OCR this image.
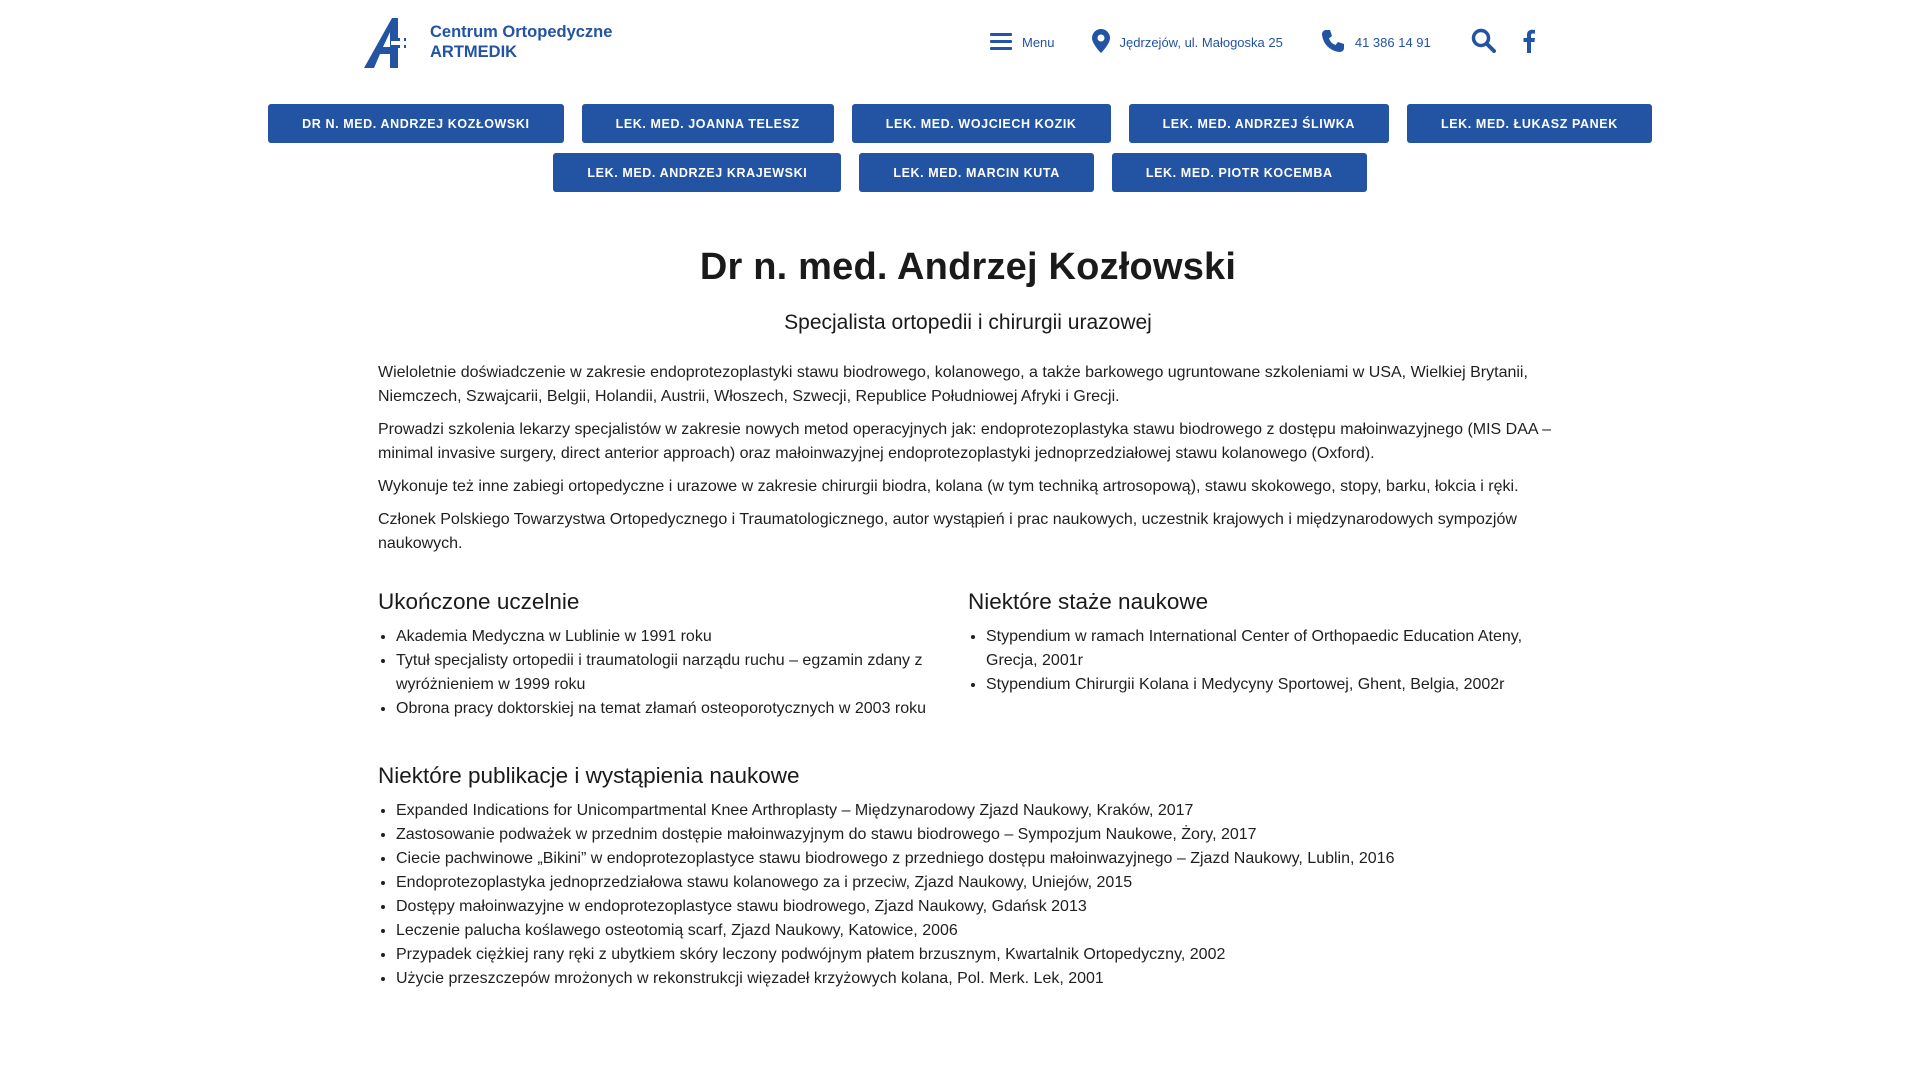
Centrum Ortopedyczne
ARTMEDIK
Menu	Jędrzejów, ul. Małogoska 25	41 386 14 91
DR N. MED. ANDRZEJ KOZŁOWSKI	LEK. MED. JOANNA TELESZ	LEK. MED. WOJCIECH KOZIK	LEK. MED. ANDRZEJ ŚLIWKA	LEK. MED. ŁUKASZ PANEK
LEK. MED. ANDRZEJ KRAJEWSKI	LEK. MED. MARCIN KUTA	LEK. MED. PIOTR KOCEMBA
Dr n. med. Andrzej Kozłowski
Specjalista ortopedii i chirurgii urazowej

Wieloletnie doświadczenie w zakresie endoprotezoplastyki stawu biodrowego, kolanowego, a także barkowego ugruntowane szkoleniami w USA, Wielkiej Brytanii, Niemczech, Szwajcarii, Belgii, Holandii, Austrii, Włoszech, Szwecji, Republice Południowej Afryki i Grecji.

Prowadzi szkolenia lekarzy specjalistów w zakresie nowych metod operacyjnych jak: endoprotezoplastyka stawu biodrowego z dostępu małoinwazyjnego (MIS DAA – minimal invasive surgery, direct anterior approach) oraz małoinwazyjnej endoprotezoplastyki jednoprzedziałowej stawu kolanowego (Oxford).

Wykonuje też inne zabiegi ortopedyczne i urazowe w zakresie chirurgii biodra, kolana (w tym techniką artrosopową), stawu skokowego, stopy, barku, łokcia i ręki.

Członek Polskiego Towarzystwa Ortopedycznego i Traumatologicznego, autor wystąpień i prac naukowych, uczestnik krajowych i międzynarodowych sympozjów naukowych.

Ukończone uczelnie
• Akademia Medyczna w Lublinie w 1991 roku
• Tytuł specjalisty ortopedii i traumatologii narządu ruchu – egzamin zdany z wyróżnieniem w 1999 roku
• Obrona pracy doktorskiej na temat złamań osteoporotycznych w 2003 roku
Niektóre staże naukowe
• Stypendium w ramach International Center of Orthopaedic Education Ateny, Grecja, 2001r
• Stypendium Chirurgii Kolana i Medycyny Sportowej, Ghent, Belgia, 2002r
Niektóre publikacje i wystąpienia naukowe
• Expanded Indications for Unicompartmental Knee Arthroplasty – Międzynarodowy Zjazd Naukowy, Kraków, 2017
• Zastosowanie podważek w przednim dostępie małoinwazyjnym do stawu biodrowego – Sympozjum Naukowe, Żory, 2017
• Ciecie pachwinowe „Bikini” w endoprotezoplastyce stawu biodrowego z przedniego dostępu małoinwazyjnego – Zjazd Naukowy, Lublin, 2016
• Endoprotezoplastyka jednoprzedziałowa stawu kolanowego za i przeciw, Zjazd Naukowy, Uniejów, 2015
• Dostępy małoinwazyjne w endoprotezoplastyce stawu biodrowego, Zjazd Naukowy, Gdańsk 2013
• Leczenie palucha koślawego osteotomią scarf, Zjazd Naukowy, Katowice, 2006
• Przypadek ciężkiej rany ręki z ubytkiem skóry leczony podwójnym płatem brzusznym, Kwartalnik Ortopedyczny, 2002
• Użycie przeszczepów mrożonych w rekonstrukcji więzadeł krzyżowych kolana, Pol. Merk. Lek, 2001
